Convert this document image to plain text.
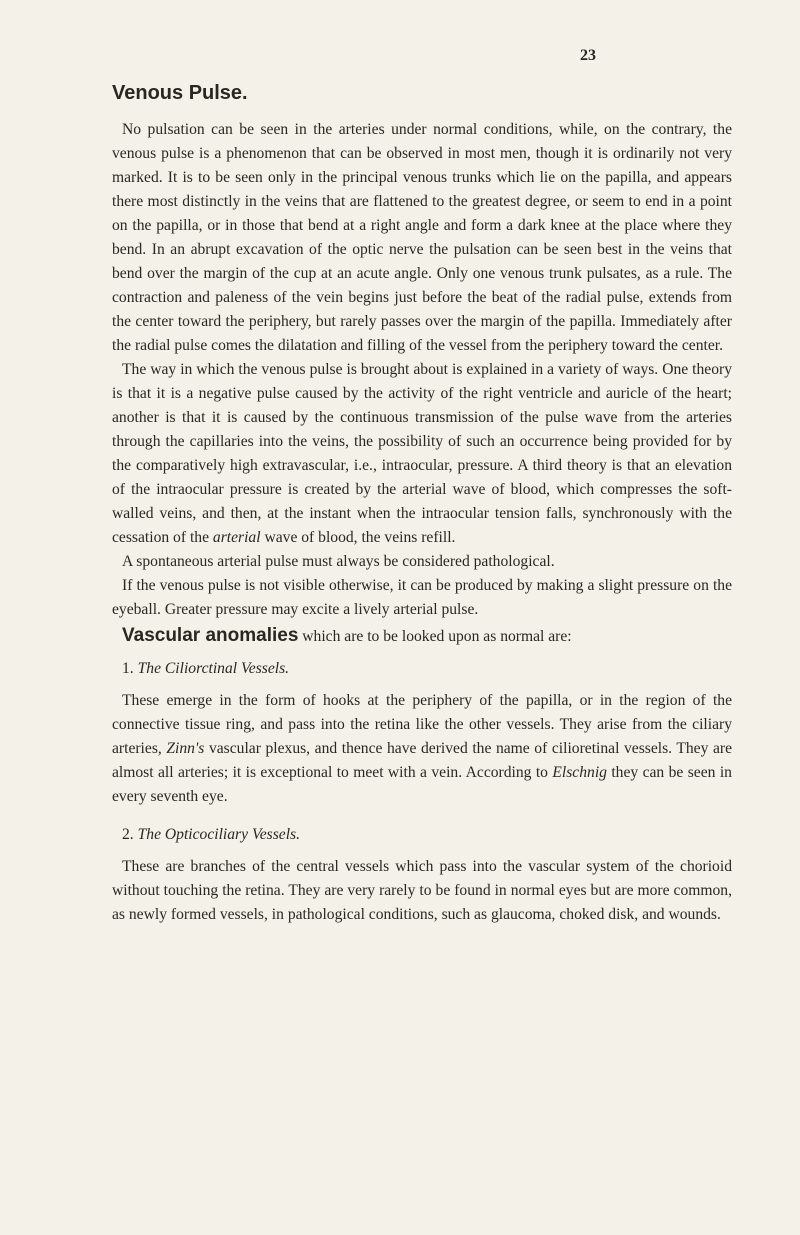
23
Venous Pulse.

No pulsation can be seen in the arteries under normal conditions, while, on the contrary, the venous pulse is a phenomenon that can be observed in most men, though it is ordinarily not very marked. It is to be seen only in the principal venous trunks which lie on the papilla, and appears there most distinctly in the veins that are flattened to the greatest degree, or seem to end in a point on the papilla, or in those that bend at a right angle and form a dark knee at the place where they bend. In an abrupt excavation of the optic nerve the pulsation can be seen best in the veins that bend over the margin of the cup at an acute angle. Only one venous trunk pulsates, as a rule. The contraction and paleness of the vein begins just before the beat of the radial pulse, extends from the center toward the periphery, but rarely passes over the margin of the papilla. Immediately after the radial pulse comes the dilatation and filling of the vessel from the periphery toward the center.

The way in which the venous pulse is brought about is explained in a variety of ways. One theory is that it is a negative pulse caused by the activity of the right ventricle and auricle of the heart; another is that it is caused by the continuous transmission of the pulse wave from the arteries through the capillaries into the veins, the possibility of such an occurrence being provided for by the comparatively high extravascular, i.e., intraocular, pressure. A third theory is that an elevation of the intraocular pressure is created by the arterial wave of blood, which compresses the soft-walled veins, and then, at the instant when the intraocular tension falls, synchronously with the cessation of the arterial wave of blood, the veins refill.

A spontaneous arterial pulse must always be considered pathological.

If the venous pulse is not visible otherwise, it can be produced by making a slight pressure on the eyeball. Greater pressure may excite a lively arterial pulse.

Vascular anomalies which are to be looked upon as normal are:

1. The Ciliorctinal Vessels.

These emerge in the form of hooks at the periphery of the papilla, or in the region of the connective tissue ring, and pass into the retina like the other vessels. They arise from the ciliary arteries, Zinn's vascular plexus, and thence have derived the name of cilioretinal vessels. They are almost all arteries; it is exceptional to meet with a vein. According to Elschnig they can be seen in every seventh eye.

2. The Opticociliary Vessels.

These are branches of the central vessels which pass into the vascular system of the chorioid without touching the retina. They are very rarely to be found in normal eyes but are more common, as newly formed vessels, in pathological conditions, such as glaucoma, choked disk, and wounds.
